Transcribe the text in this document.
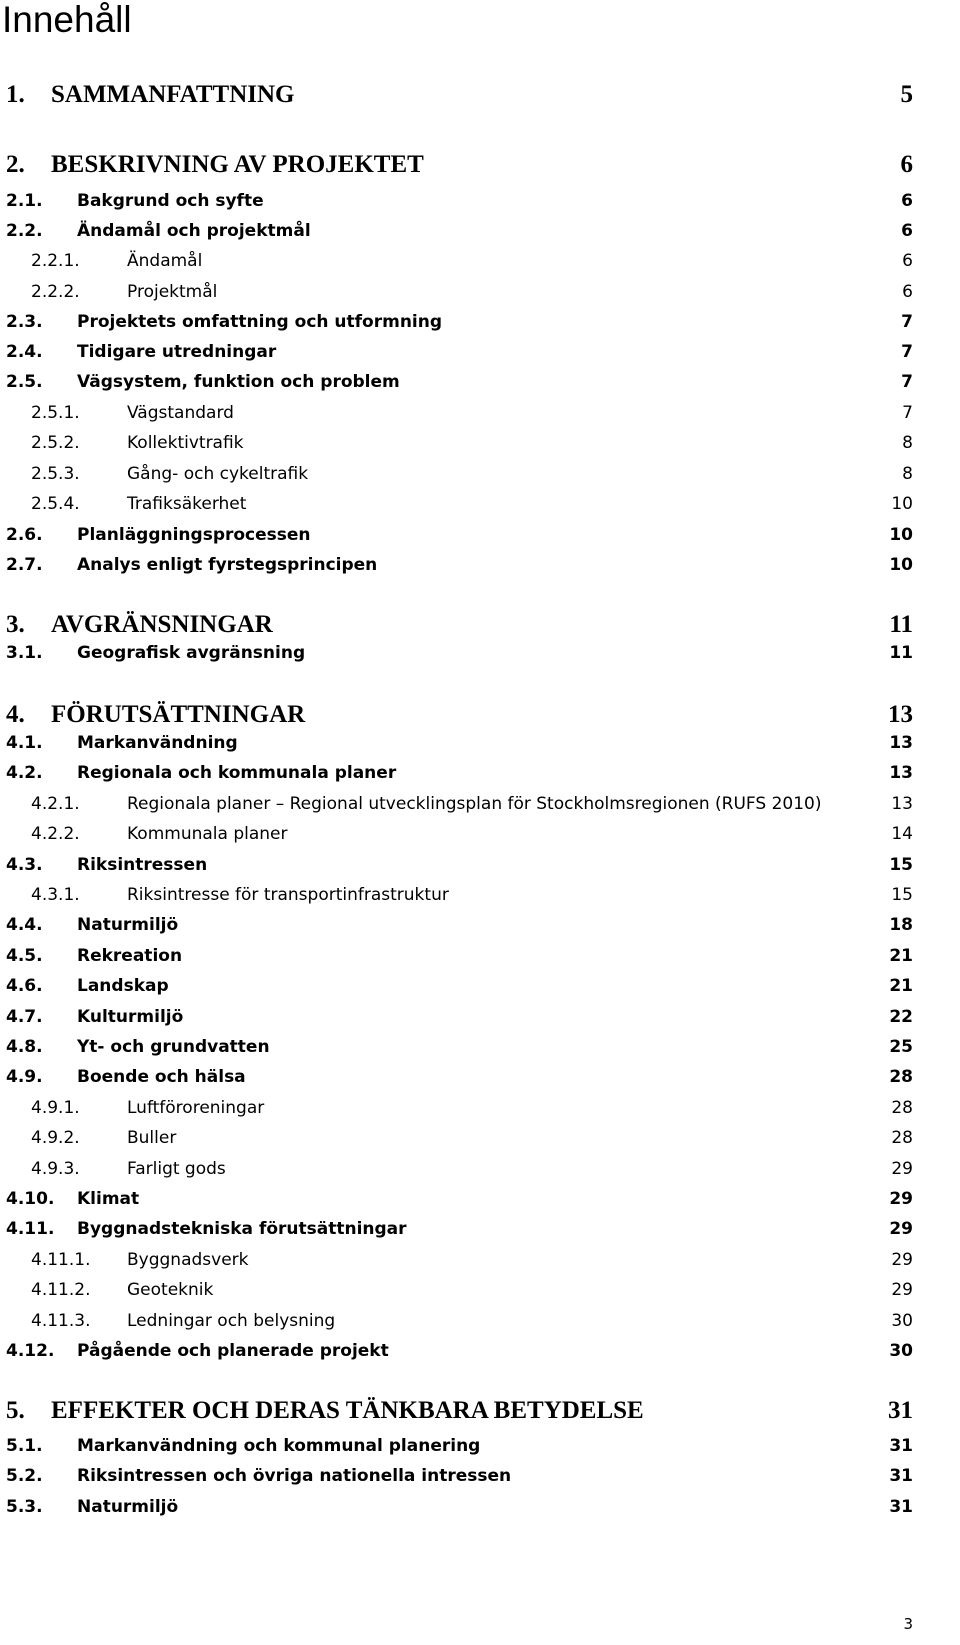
Innehåll
1. SAMMANFATTNING	5
2. BESKRIVNING AV PROJEKTET	6
2.1. Bakgrund och syfte	6
2.2. Ändamål och projektmål	6
2.2.1.	Ändamål	6
2.2.2.	Projektmål	6
2.3. Projektets omfattning och utformning	7
2.4. Tidigare utredningar	7
2.5. Vägsystem, funktion och problem	7
2.5.1.	Vägstandard	7
2.5.2.	Kollektivtrafik	8
2.5.3.	Gång- och cykeltrafik	8
2.5.4.	Trafiksäkerhet	10
2.6. Planläggningsprocessen	10
2.7. Analys enligt fyrstegsprincipen	10
3. AVGRÄNSNINGAR	11
3.1. Geografisk avgränsning	11
4. FÖRUTSÄTTNINGAR	13
4.1. Markanvändning	13
4.2. Regionala och kommunala planer	13
4.2.1.	Regionala planer – Regional utvecklingsplan för Stockholmsregionen (RUFS 2010)	13
4.2.2.	Kommunala planer	14
4.3. Riksintressen	15
4.3.1.	Riksintresse för transportinfrastruktur	15
4.4. Naturmiljö	18
4.5. Rekreation	21
4.6. Landskap	21
4.7. Kulturmiljö	22
4.8. Yt- och grundvatten	25
4.9. Boende och hälsa	28
4.9.1.	Luftföroreningar	28
4.9.2.	Buller	28
4.9.3.	Farligt gods	29
4.10. Klimat	29
4.11. Byggnadstekniska förutsättningar	29
4.11.1. Byggnadsverk	29
4.11.2. Geoteknik	29
4.11.3. Ledningar och belysning	30
4.12. Pågående och planerade projekt	30
5. EFFEKTER OCH DERAS TÄNKBARA BETYDELSE	31
5.1. Markanvändning och kommunal planering	31
5.2. Riksintressen och övriga nationella intressen	31
5.3. Naturmiljö	31
3
